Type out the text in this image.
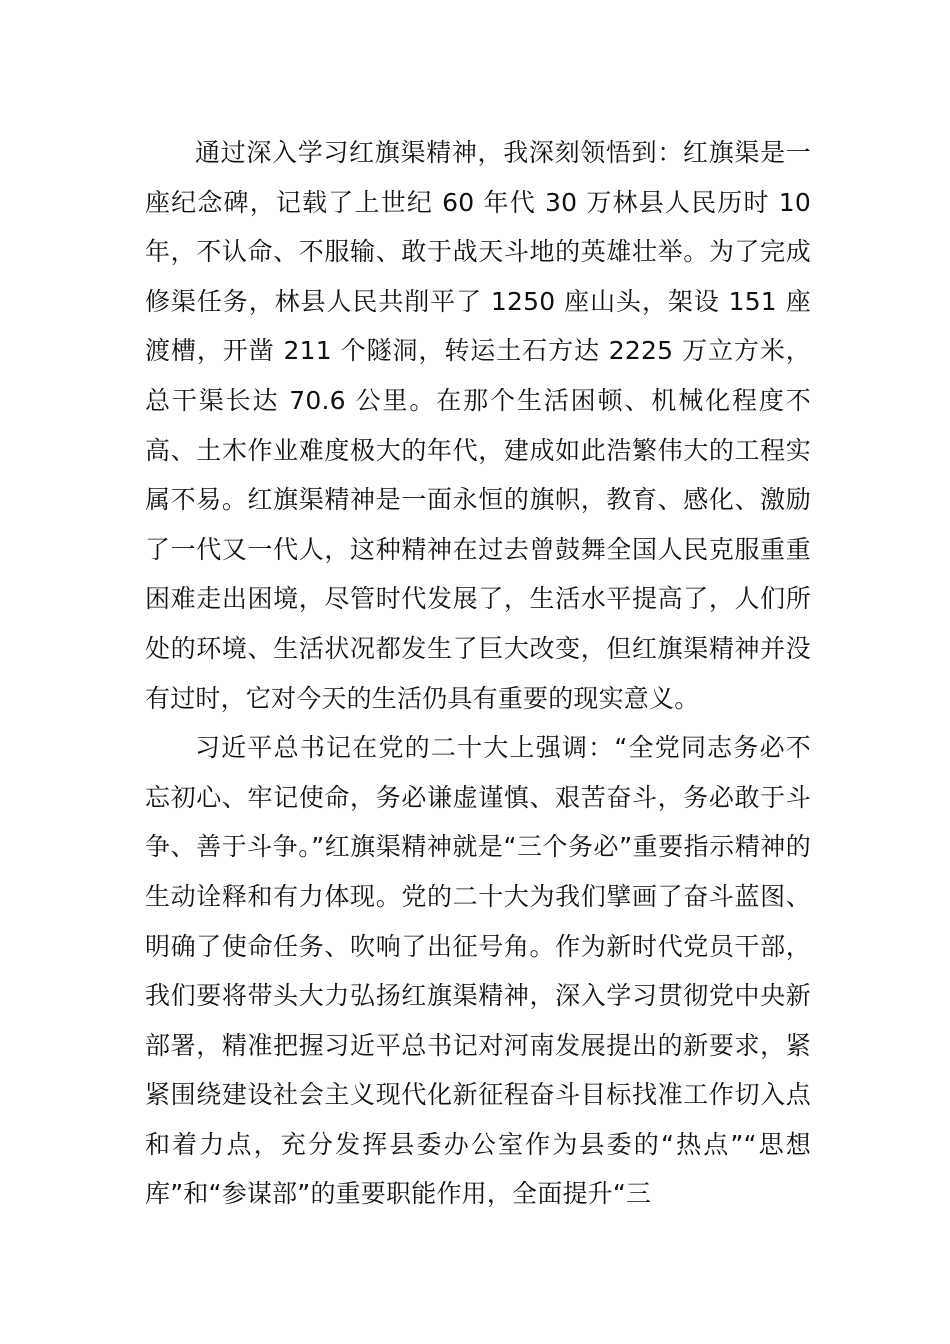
通过深入学习红旗渠精神，我深刻领悟到：红旗渠是一座纪念碑，记载了上世纪 60 年代 30 万林县人民历时 10 年，不认命、不服输、敢于战天斗地的英雄壮举。为了完成修渠任务，林县人民共削平了 1250 座山头，架设 151 座渡槽，开凿 211 个隧洞，转运土石方达 2225 万立方米，总干渠长达 70.6 公里。在那个生活困顿、机械化程度不高、土木作业难度极大的年代，建成如此浩繁伟大的工程实属不易。红旗渠精神是一面永恒的旗帜，教育、感化、激励了一代又一代人，这种精神在过去曾鼓舞全国人民克服重重困难走出困境，尽管时代发展了，生活水平提高了，人们所处的环境、生活状况都发生了巨大改变，但红旗渠精神并没有过时，它对今天的生活仍具有重要的现实意义。

习近平总书记在党的二十大上强调：“全党同志务必不忘初心、牢记使命，务必谦虚谨慎、艰苦奋斗，务必敢于斗争、善于斗争。”红旗渠精神就是“三个务必”重要指示精神的生动诠释和有力体现。党的二十大为我们擘画了奋斗蓝图、明确了使命任务、吹响了出征号角。作为新时代党员干部，我们要将带头大力弘扬红旗渠精神，深入学习贯彻党中央新部署，精准把握习近平总书记对河南发展提出的新要求，紧紧围绕建设社会主义现代化新征程奋斗目标找准工作切入点和着力点，充分发挥县委办公室作为县委的“热点”“思想库”和“参谋部”的重要职能作用，全面提升“三
